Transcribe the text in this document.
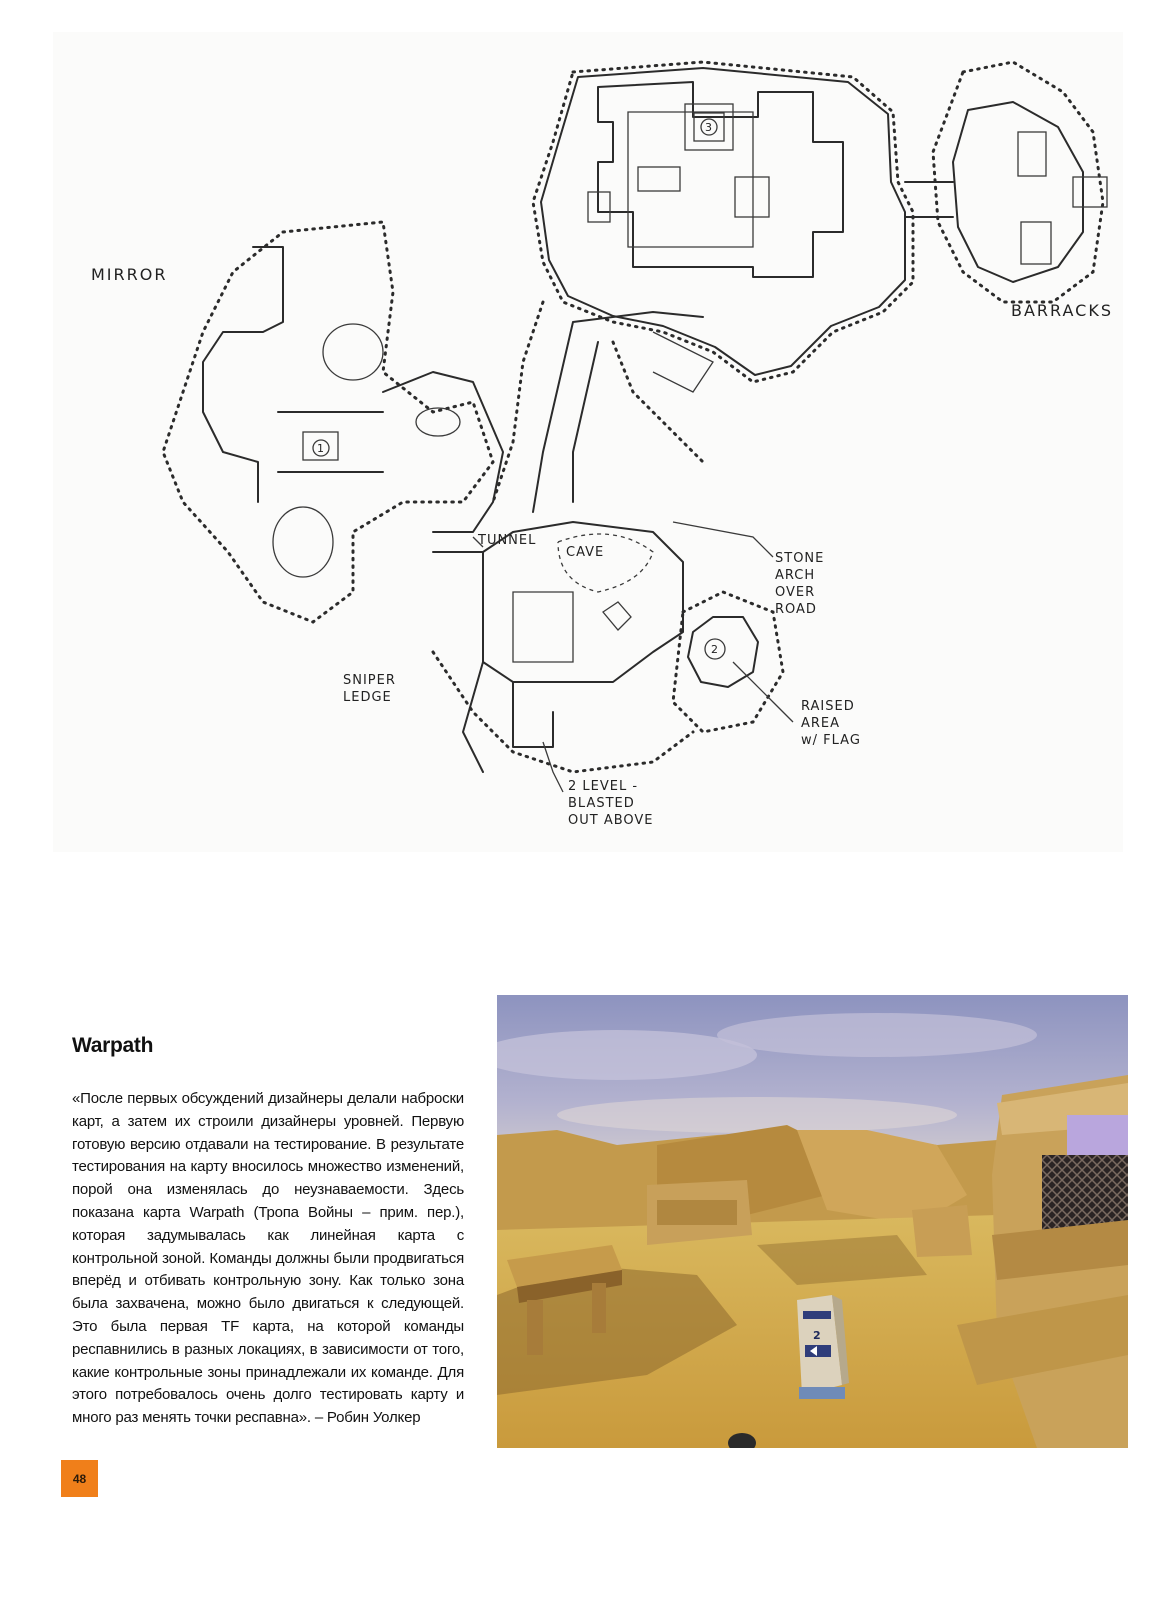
3
1
2
MIRROR
BARRACKS
TUNNEL
CAVE	STONE
ARCH
OVER
ROAD
SNIPER
LEDGE
RAISED
AREA
w/ FLAG
2 LEVEL -
BLASTED
OUT ABOVE
Warpath

«После первых обсуждений дизайнеры делали наброски карт, а затем их строили дизайнеры уровней. Первую готовую версию отдавали на тестирование. В результате тестирования на карту вносилось множество изменений, порой она изменялась до неузнаваемости. Здесь показана карта Warpath (Тропа Войны – прим. пер.), которая задумывалась как линейная карта с контрольной зоной. Команды должны были продвигаться вперёд и отбивать контрольную зону. Как только зона была захвачена, можно было двигаться к следующей. Это была первая TF карта, на которой команды респавнились в разных локациях, в зависимости от того, какие контрольные зоны принадлежали их команде. Для этого потребовалось очень долго тестировать карту и много раз менять точки респавна». – Робин Уолкер

2
48
